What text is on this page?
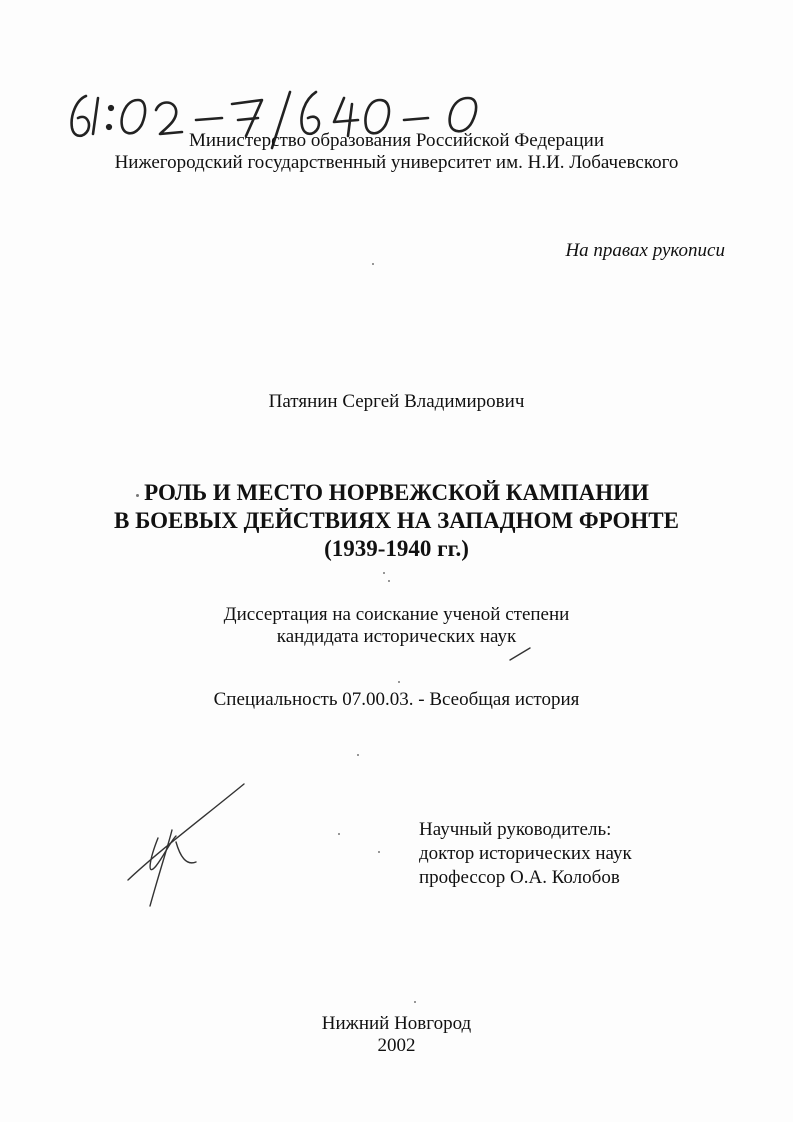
Министерство образования Российской Федерации
Нижегородский государственный университет им. Н.И. Лобачевского
На правах рукописи
Патянин Сергей Владимирович
РОЛЬ И МЕСТО НОРВЕЖСКОЙ КАМПАНИИ
В БОЕВЫХ ДЕЙСТВИЯХ НА ЗАПАДНОМ ФРОНТЕ
(1939-1940 гг.)
Диссертация на соискание ученой степени
кандидата исторических наук
Специальность 07.00.03. - Всеобщая история
Научный руководитель:
доктор исторических наук
профессор О.А. Колобов
Нижний Новгород
2002
